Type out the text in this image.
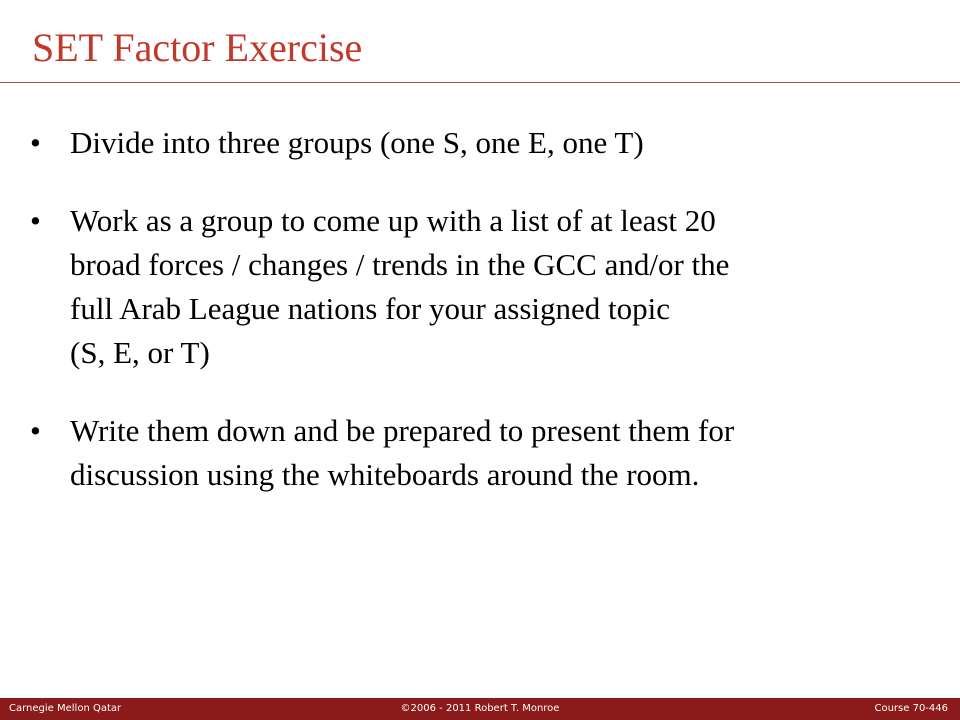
SET Factor Exercise
• Divide into three groups (one S, one E, one T)
• Work as a group to come up with a list of at least 20
broad forces / changes / trends in the GCC and/or the
full Arab League nations for your assigned topic
(S, E, or T)
• Write them down and be prepared to present them for
discussion using the whiteboards around the room.
Carnegie Mellon Qatar	©2006 - 2011 Robert T. Monroe	Course 70-446
